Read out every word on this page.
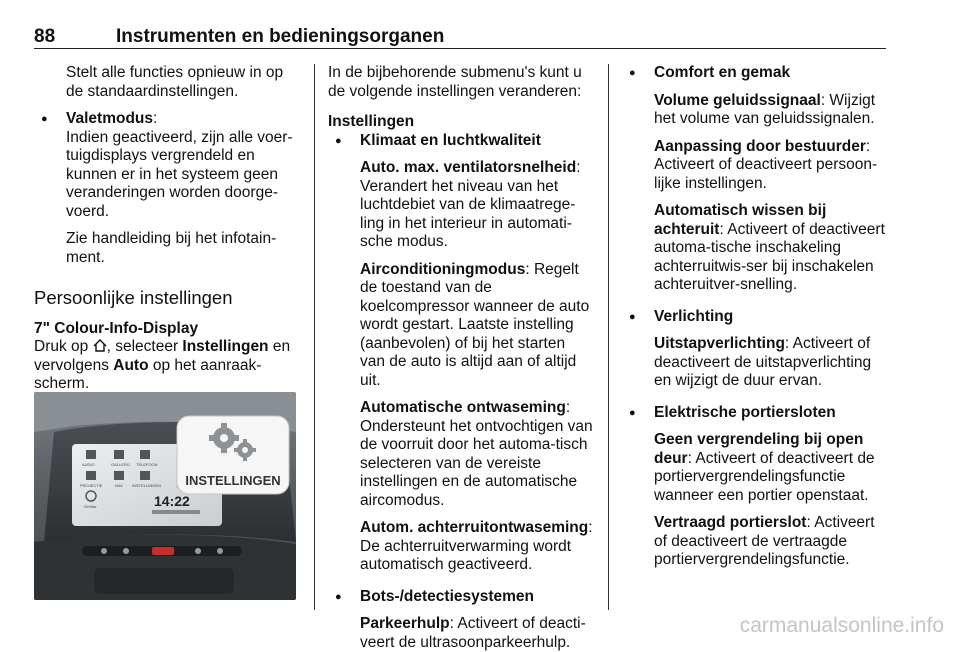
88	Instrumenten en bedieningsorganen

Stelt alle functies opnieuw in op de standaardinstellingen.

● Valetmodus:

Indien geactiveerd, zijn alle voer-tuigdisplays vergrendeld en kunnen er in het systeem geen veranderingen worden doorge-voerd.

Zie handleiding bij het infotain-ment.

Persoonlijke instellingen

7" Colour-Info-Display

Druk op , selecteer Instellingen en vervolgens Auto op het aanraak-scherm.

AUDIO	GALLERIJ TELEFOON
PROJECTIE	NAV INSTELLINGEN
OnStar	14:22
INSTELLINGEN

In de bijbehorende submenu's kunt u de volgende instellingen veranderen:

Instellingen

● Klimaat en luchtkwaliteit

Auto. max. ventilatorsnelheid: Verandert het niveau van het luchtdebiet van de klimaatrege-ling in het interieur in automati-sche modus.

Airconditioningmodus: Regelt de toestand van de koelcompressor wanneer de auto wordt gestart. Laatste instelling (aanbevolen) of bij het starten van de auto is altijd aan of altijd uit.

Automatische ontwaseming: Ondersteunt het ontvochtigen van de voorruit door het automa-tisch selecteren van de vereiste instellingen en de automatische aircomodus.

Autom. achterruitontwaseming: De achterruitverwarming wordt automatisch geactiveerd.

● Bots-/detectiesystemen

Parkeerhulp: Activeert of deacti-veert de ultrasoonparkeerhulp.

● Comfort en gemak

Volume geluidssignaal: Wijzigt het volume van geluidssignalen.

Aanpassing door bestuurder: Activeert of deactiveert persoon-lijke instellingen.

Automatisch wissen bij achteruit: Activeert of deactiveert automa-tische inschakeling achterruitwis-ser bij inschakelen achteruitver-snelling.

● Verlichting

Uitstapverlichting: Activeert of deactiveert de uitstapverlichting en wijzigt de duur ervan.

● Elektrische portiersloten

Geen vergrendeling bij open deur: Activeert of deactiveert de portiervergrendelingsfunctie wanneer een portier openstaat.

Vertraagd portierslot: Activeert of deactiveert de vertraagde portiervergrendelingsfunctie.

carmanualsonline.info
